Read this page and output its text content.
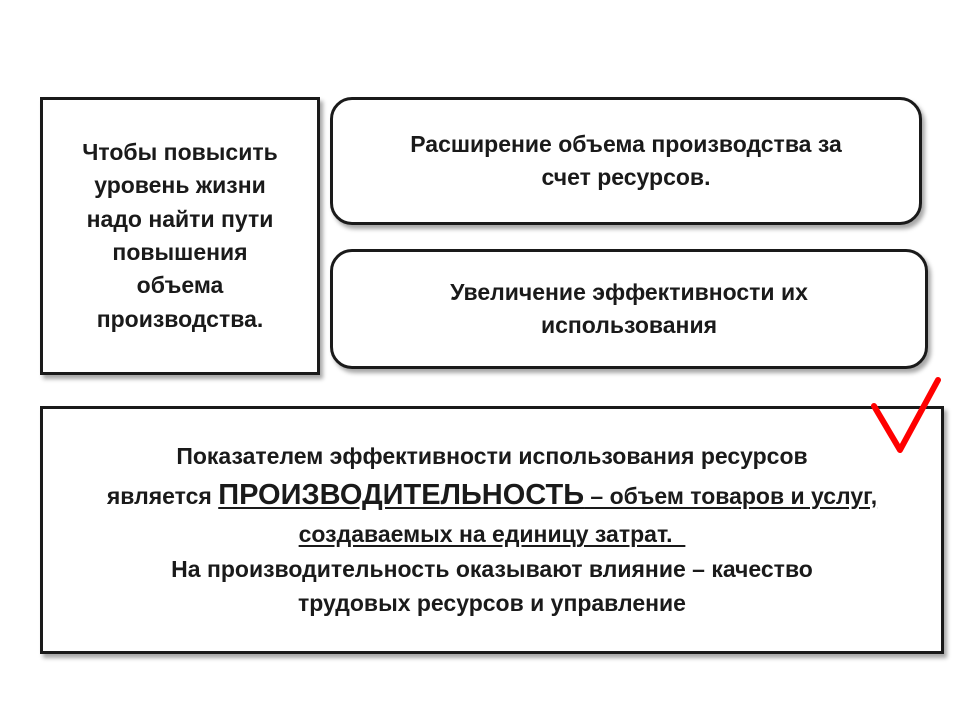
Чтобы повысить
уровень жизни
надо найти пути
повышения
объема
производства.
Расширение объема производства за
счет ресурсов.
Увеличение эффективности их
использования
Показателем эффективности использования ресурсов
является ПРОИЗВОДИТЕЛЬНОСТЬ – объем товаров и услуг,
создаваемых на единицу затрат.
На производительность оказывают влияние – качество
трудовых ресурсов и управление
